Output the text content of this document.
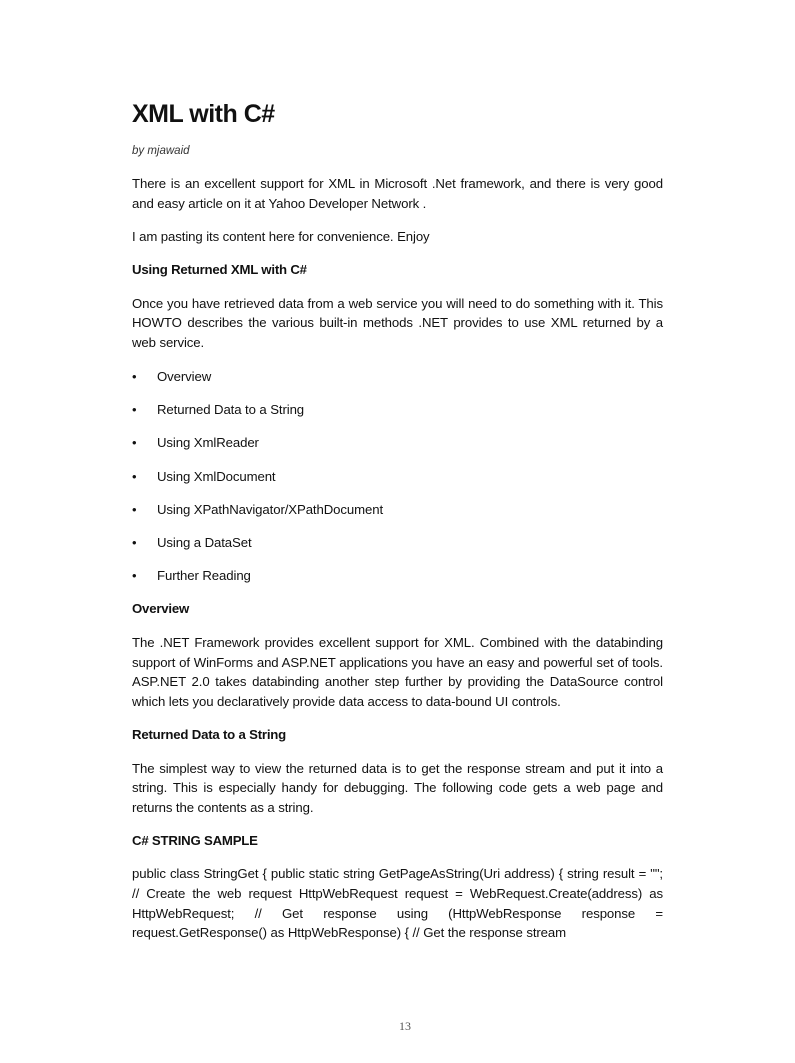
XML with C#
by mjawaid

There is an excellent support for XML in Microsoft .Net framework, and there is very good and easy article on it at Yahoo Developer Network .

I am pasting its content here for convenience. Enjoy

Using Returned XML with C#

Once you have retrieved data from a web service you will need to do something with it. This HOWTO describes the various built-in methods .NET provides to use XML returned by a web service.

• Overview
• Returned Data to a String
• Using XmlReader
• Using XmlDocument
• Using XPathNavigator/XPathDocument
• Using a DataSet
• Further Reading
Overview

The .NET Framework provides excellent support for XML. Combined with the databinding support of WinForms and ASP.NET applications you have an easy and powerful set of tools. ASP.NET 2.0 takes databinding another step further by providing the DataSource control which lets you declaratively provide data access to data-bound UI controls.

Returned Data to a String

The simplest way to view the returned data is to get the response stream and put it into a string. This is especially handy for debugging. The following code gets a web page and returns the contents as a string.

C# STRING SAMPLE

public class StringGet { public static string GetPageAsString(Uri address) { string result = ""; // Create the web request HttpWebRequest request = WebRequest.Create(address) as HttpWebRequest; // Get response using (HttpWebResponse response = request.GetResponse() as HttpWebResponse) { // Get the response stream

13
